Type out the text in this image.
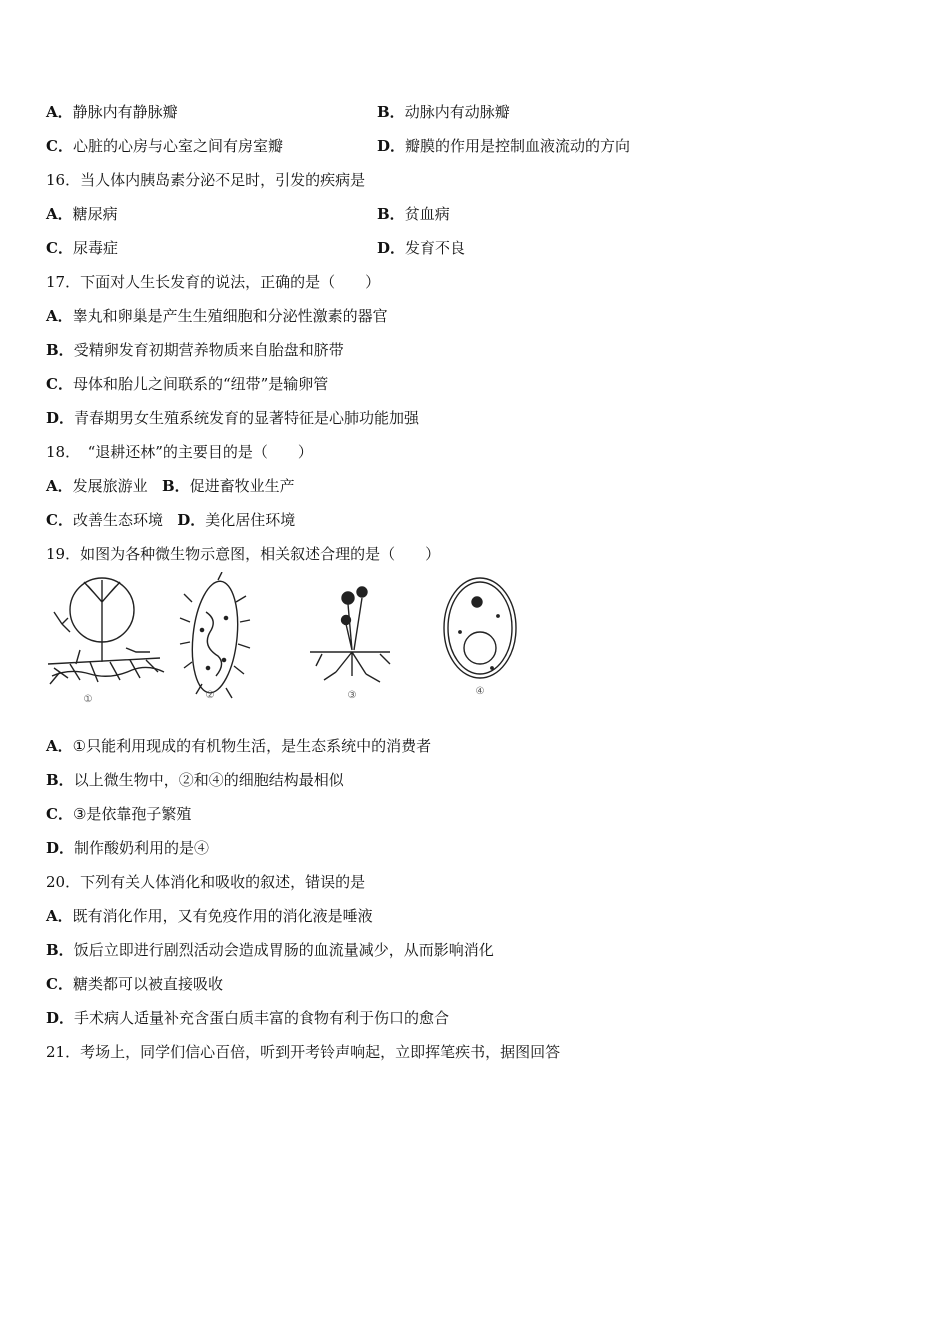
A．静脉内有静脉瓣	B．动脉内有动脉瓣
C．心脏的心房与心室之间有房室瓣	D．瓣膜的作用是控制血液流动的方向
16．当人体内胰岛素分泌不足时，引发的疾病是
A．糖尿病	B．贫血病
C．尿毒症	D．发育不良
17．下面对人生长发育的说法，正确的是（　　）
A．睾丸和卵巢是产生生殖细胞和分泌性激素的器官
B．受精卵发育初期营养物质来自胎盘和脐带
C．母体和胎儿之间联系的“纽带”是输卵管
D．青春期男女生殖系统发育的显著特征是心肺功能加强
18．　“退耕还林”的主要目的是（　　）
A．发展旅游业 B．促进畜牧业生产
C．改善生态环境 D．美化居住环境
19．如图为各种微生物示意图，相关叙述合理的是（　　）
①	②	③	④
A．①只能利用现成的有机物生活，是生态系统中的消费者
B．以上微生物中，②和④的细胞结构最相似
C．③是依靠孢子繁殖
D．制作酸奶利用的是④
20．下列有关人体消化和吸收的叙述，错误的是
A．既有消化作用，又有免疫作用的消化液是唾液
B．饭后立即进行剧烈活动会造成胃肠的血流量减少，从而影响消化
C．糖类都可以被直接吸收
D．手术病人适量补充含蛋白质丰富的食物有利于伤口的愈合
21．考场上，同学们信心百倍，听到开考铃声响起，立即挥笔疾书，据图回答
